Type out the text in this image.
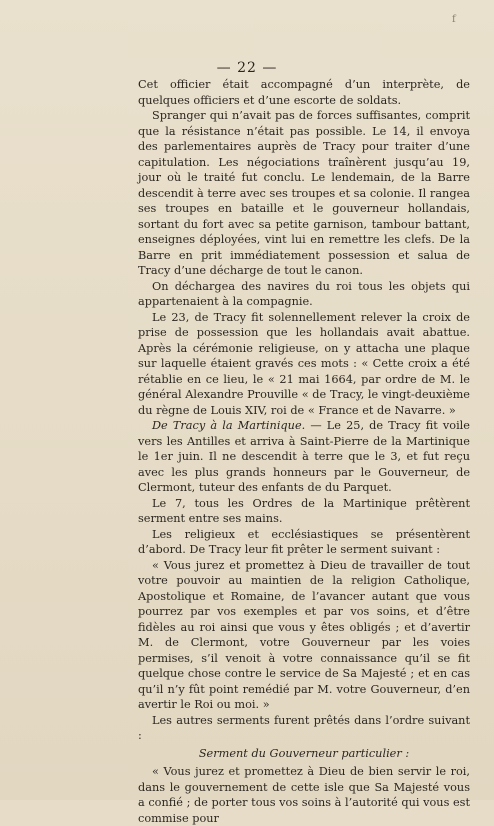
f
— 22 —

Cet officier était accompagné d’un interprète, de quelques officiers et d’une escorte de soldats.

Spranger qui n’avait pas de forces suffisantes, comprit que la résistance n’était pas possible. Le 14, il envoya des parlementaires auprès de Tracy pour traiter d’une capitulation. Les négociations traînèrent jusqu’au 19, jour où le traité fut conclu. Le lendemain, de la Barre descendit à terre avec ses troupes et sa colonie. Il rangea ses troupes en bataille et le gouverneur hollandais, sortant du fort avec sa petite garnison, tambour battant, enseignes déployées, vint lui en remettre les clefs. De la Barre en prit immédiatement possession et salua de Tracy d’une décharge de tout le canon.

On déchargea des navires du roi tous les objets qui appartenaient à la compagnie.

Le 23, de Tracy fit solennellement relever la croix de prise de possession que les hollandais avait abattue. Après la cérémonie religieuse, on y attacha une plaque sur laquelle étaient gravés ces mots : « Cette croix a été rétablie en ce lieu, le « 21 mai 1664, par ordre de M. le général Alexandre Prouville « de Tracy, le vingt-deuxième du règne de Louis XIV, roi de « France et de Navarre. »

De Tracy à la Martinique. — Le 25, de Tracy fit voile vers les Antilles et arriva à Saint-Pierre de la Martinique le 1er juin. Il ne descendit à terre que le 3, et fut reçu avec les plus grands honneurs par le Gouverneur, de Clermont, tuteur des enfants de du Parquet.

Le 7, tous les Ordres de la Martinique prêtèrent serment entre ses mains.

Les religieux et ecclésiastiques se présentèrent d’abord. De Tracy leur fit prêter le serment suivant :

« Vous jurez et promettez à Dieu de travailler de tout votre pouvoir au maintien de la religion Catholique, Apostolique et Romaine, de l’avancer autant que vous pourrez par vos exemples et par vos soins, et d’être fidèles au roi ainsi que vous y êtes obligés ; et d’avertir M. de Clermont, votre Gouverneur par les voies permises, s’il venoit à votre connaissance qu’il se fit quelque chose contre le service de Sa Majesté ; et en cas qu’il n’y fût point remédié par M. votre Gouverneur, d’en avertir le Roi ou moi. »

Les autres serments furent prêtés dans l’ordre suivant :

Serment du Gouverneur particulier :

« Vous jurez et promettez à Dieu de bien servir le roi, dans le gouvernement de cette isle que Sa Majesté vous a confié ; de porter tous vos soins à l’autorité qui vous est commise pour
